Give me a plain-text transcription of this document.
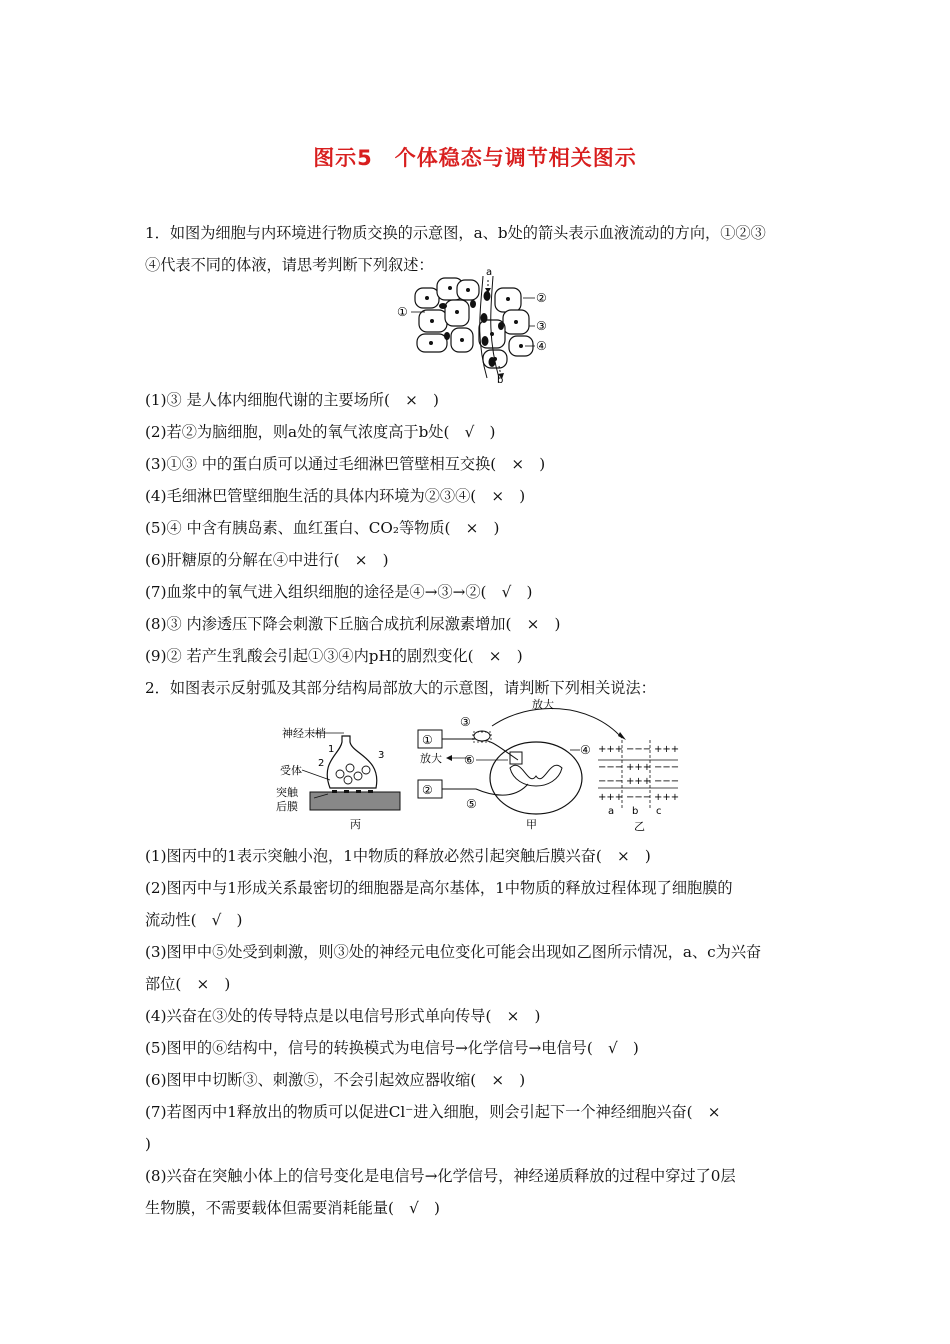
图示5　个体稳态与调节相关图示
1．如图为细胞与内环境进行物质交换的示意图，a、b处的箭头表示血液流动的方向，①②③
④代表不同的体液，请思考判断下列叙述：	a
b
①
②
③
④
(1)③ 是人体内细胞代谢的主要场所(　×　)
(2)若②为脑细胞，则a处的氧气浓度高于b处(　√　)
(3)①③ 中的蛋白质可以通过毛细淋巴管壁相互交换(　×　)
(4)毛细淋巴管壁细胞生活的具体内环境为②③④(　×　)
(5)④ 中含有胰岛素、血红蛋白、CO₂等物质(　×　)
(6)肝糖原的分解在④中进行(　×　)
(7)血浆中的氧气进入组织细胞的途径是④→③→②(　√　)
(8)③ 内渗透压下降会刺激下丘脑合成抗利尿激素增加(　×　)
(9)② 若产生乳酸会引起①③④内pH的剧烈变化(　×　)
2．如图表示反射弧及其部分结构局部放大的示意图，请判断下列相关说法：
神经末梢
受体
突触
后膜
1
2
3
丙
①
②
③
④
⑤
⑥
放大
放大
甲
+++ −−− +++
−−− +++ −−−
−−− +++ −−−
+++ −−− +++
a b c
乙
(1)图丙中的1表示突触小泡，1中物质的释放必然引起突触后膜兴奋(　×　)
(2)图丙中与1形成关系最密切的细胞器是高尔基体，1中物质的释放过程体现了细胞膜的
流动性(　√　)
(3)图甲中⑤处受到刺激，则③处的神经元电位变化可能会出现如乙图所示情况，a、c为兴奋
部位(　×　)
(4)兴奋在③处的传导特点是以电信号形式单向传导(　×　)
(5)图甲的⑥结构中，信号的转换模式为电信号→化学信号→电信号(　√　)
(6)图甲中切断③、刺激⑤，不会引起效应器收缩(　×　)
(7)若图丙中1释放出的物质可以促进Cl⁻进入细胞，则会引起下一个神经细胞兴奋(　×
)
(8)兴奋在突触小体上的信号变化是电信号→化学信号，神经递质释放的过程中穿过了0层
生物膜，不需要载体但需要消耗能量(　√　)
